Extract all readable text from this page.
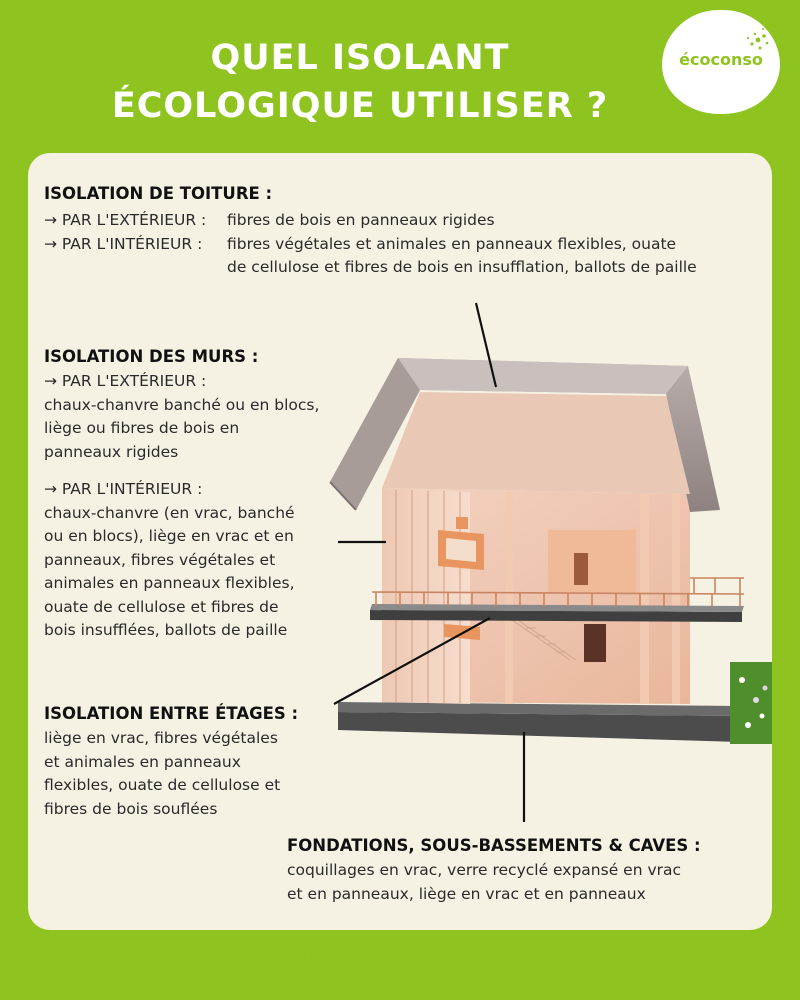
QUEL ISOLANT
ÉCOLOGIQUE UTILISER ?
écoconso
ISOLATION DE TOITURE :
→ PAR L'EXTÉRIEUR :	fibres de bois en panneaux rigides
→ PAR L'INTÉRIEUR :	fibres végétales et animales en panneaux flexibles, ouate
de cellulose et fibres de bois en insufflation, ballots de paille
ISOLATION DES MURS :
→ PAR L'EXTÉRIEUR :
chaux-chanvre banché ou en blocs,
liège ou fibres de bois en
panneaux rigides
→ PAR L'INTÉRIEUR :
chaux-chanvre (en vrac, banché
ou en blocs), liège en vrac et en
panneaux, fibres végétales et
animales en panneaux flexibles,
ouate de cellulose et fibres de
bois insufflées, ballots de paille
ISOLATION ENTRE ÉTAGES :
liège en vrac, fibres végétales
et animales en panneaux
flexibles, ouate de cellulose et
fibres de bois souflées
FONDATIONS, SOUS-BASSEMENTS & CAVES :
coquillages en vrac, verre recyclé expansé en vrac
et en panneaux, liège en vrac et en panneaux
Plus d'infos : www.ecoconso.be
